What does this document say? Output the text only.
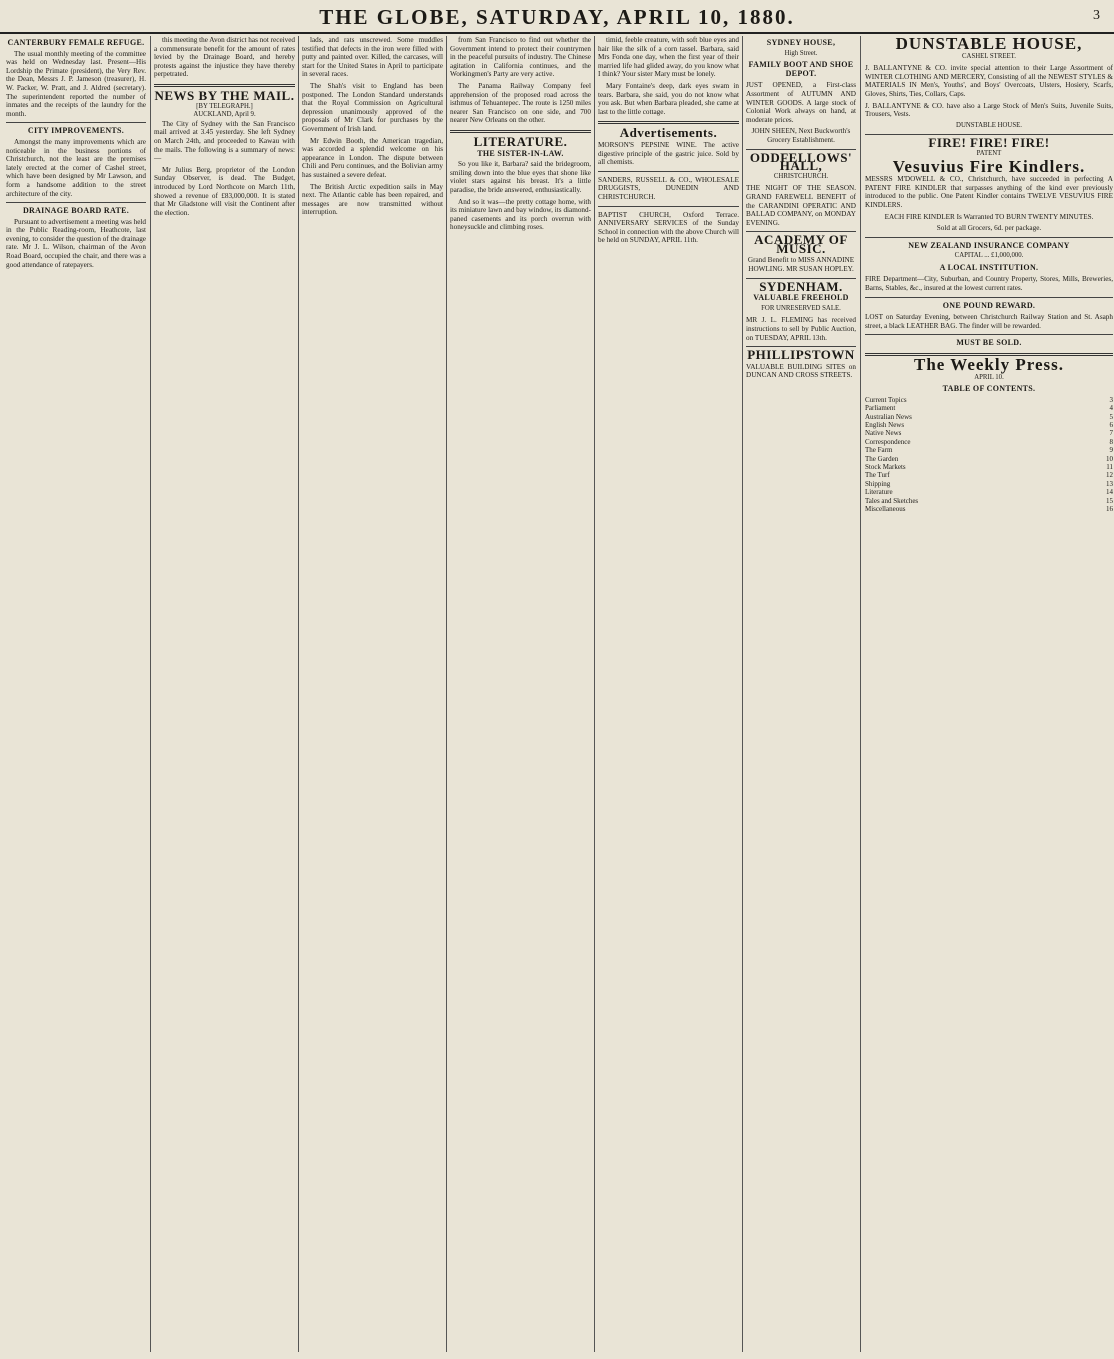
THE GLOBE, SATURDAY, APRIL 10, 1880.	3
CANTERBURY FEMALE REFUGE.

The usual monthly meeting of the committee was held on Wednesday last. Present—His Lordship the Primate (president), the Very Rev. the Dean, Messrs J. P. Jameson (treasurer), H. W. Packer, W. Pratt, and J. Aldred (secretary). The superintendent reported the number of inmates and the receipts of the laundry for the month.

CITY IMPROVEMENTS.

Amongst the many improvements which are noticeable in the business portions of Christchurch, not the least are the premises lately erected at the corner of Cashel street, which have been designed by Mr Lawson, and form a handsome addition to the street architecture of the city.

DRAINAGE BOARD RATE.

Pursuant to advertisement a meeting was held in the Public Reading-room, Heathcote, last evening, to consider the question of the drainage rate. Mr J. L. Wilson, chairman of the Avon Road Board, occupied the chair, and there was a good attendance of ratepayers.

this meeting the Avon district has not received a commensurate benefit for the amount of rates levied by the Drainage Board, and hereby protests against the injustice they have thereby perpetrated.

NEWS BY THE MAIL.
[BY TELEGRAPH.]
AUCKLAND, April 9.

The City of Sydney with the San Francisco mail arrived at 3.45 yesterday. She left Sydney on March 24th, and proceeded to Kawau with the mails. The following is a summary of news:—

Mr Julius Berg, proprietor of the London Sunday Observer, is dead. The Budget, introduced by Lord Northcote on March 11th, showed a revenue of £83,000,000. It is stated that Mr Gladstone will visit the Continent after the election.

lads, and rats unscrewed. Some muddles testified that defects in the iron were filled with putty and painted over. Killed, the carcases, will start for the United States in April to participate in several races.

The Shah's visit to England has been postponed. The London Standard understands that the Royal Commission on Agricultural depression unanimously approved of the proposals of Mr Clark for purchases by the Government of Irish land.

Mr Edwin Booth, the American tragedian, was accorded a splendid welcome on his appearance in London. The dispute between Chili and Peru continues, and the Bolivian army has sustained a severe defeat.

The British Arctic expedition sails in May next. The Atlantic cable has been repaired, and messages are now transmitted without interruption.

from San Francisco to find out whether the Government intend to protect their countrymen in the peaceful pursuits of industry. The Chinese agitation in California continues, and the Workingmen's Party are very active.

The Panama Railway Company feel apprehension of the proposed road across the isthmus of Tehuantepec. The route is 1250 miles nearer San Francisco on one side, and 700 nearer New Orleans on the other.

LITERATURE.
THE SISTER-IN-LAW.

So you like it, Barbara? said the bridegroom, smiling down into the blue eyes that shone like violet stars against his breast. It's a little paradise, the bride answered, enthusiastically.

And so it was—the pretty cottage home, with its miniature lawn and bay window, its diamond-paned casements and its porch overrun with honeysuckle and climbing roses.

timid, feeble creature, with soft blue eyes and hair like the silk of a corn tassel. Barbara, said Mrs Fonda one day, when the first year of their married life had glided away, do you know what I think? Your sister Mary must be lonely.

Mary Fontaine's deep, dark eyes swam in tears. Barbara, she said, you do not know what you ask. But when Barbara pleaded, she came at last to the little cottage.

Advertisements.
MORSON'S PEPSINE WINE. The active digestive principle of the gastric juice. Sold by all chemists.
SANDERS, RUSSELL & CO., WHOLESALE DRUGGISTS, DUNEDIN AND CHRISTCHURCH.
BAPTIST CHURCH, Oxford Terrace. ANNIVERSARY SERVICES of the Sunday School in connection with the above Church will be held on SUNDAY, APRIL 11th.
SYDNEY HOUSE,
High Street.
FAMILY BOOT AND SHOE DEPOT.
JUST OPENED, a First-class Assortment of AUTUMN AND WINTER GOODS. A large stock of Colonial Work always on hand, at moderate prices.
JOHN SHEEN, Next Buckworth's Grocery Establishment.
ODDFELLOWS' HALL,
CHRISTCHURCH.
THE NIGHT OF THE SEASON. GRAND FAREWELL BENEFIT of the CARANDINI OPERATIC AND BALLAD COMPANY, on MONDAY EVENING.
ACADEMY OF MUSIC.
Grand Benefit to MISS ANNADINE HOWLING. MR SUSAN HOPLEY.
SYDENHAM.
VALUABLE FREEHOLD
FOR UNRESERVED SALE.
MR J. L. FLEMING has received instructions to sell by Public Auction, on TUESDAY, APRIL 13th.
PHILLIPSTOWN
VALUABLE BUILDING SITES on DUNCAN AND CROSS STREETS.
DUNSTABLE HOUSE,
CASHEL STREET.
J. BALLANTYNE & CO. invite special attention to their Large Assortment of WINTER CLOTHING AND MERCERY, Consisting of all the NEWEST STYLES & MATERIALS IN Men's, Youths', and Boys' Overcoats, Ulsters, Hosiery, Scarfs, Gloves, Shirts, Ties, Collars, Caps.
J. BALLANTYNE & CO. have also a Large Stock of Men's Suits, Juvenile Suits, Trousers, Vests.
DUNSTABLE HOUSE.
FIRE! FIRE! FIRE!
PATENT
Vesuvius Fire Kindlers.
MESSRS M'DOWELL & CO., Christchurch, have succeeded in perfecting A PATENT FIRE KINDLER that surpasses anything of the kind ever previously introduced to the public. One Patent Kindler contains TWELVE VESUVIUS FIRE KINDLERS.
EACH FIRE KINDLER Is Warranted TO BURN TWENTY MINUTES.
Sold at all Grocers, 6d. per package.
NEW ZEALAND INSURANCE COMPANY
CAPITAL ... £1,000,000.
A LOCAL INSTITUTION.
FIRE Department—City, Suburban, and Country Property, Stores, Mills, Breweries, Barns, Stables, &c., insured at the lowest current rates.
ONE POUND REWARD.
LOST on Saturday Evening, between Christchurch Railway Station and St. Asaph street, a black LEATHER BAG. The finder will be rewarded.
MUST BE SOLD.
The Weekly Press.
APRIL 10.
TABLE OF CONTENTS.
Current Topics	3
Parliament	4
Australian News	5
English News	6
Native News	7
Correspondence	8
The Farm	9
The Garden	10
Stock Markets	11
The Turf	12
Shipping	13
Literature	14
Tales and Sketches	15
Miscellaneous	16
